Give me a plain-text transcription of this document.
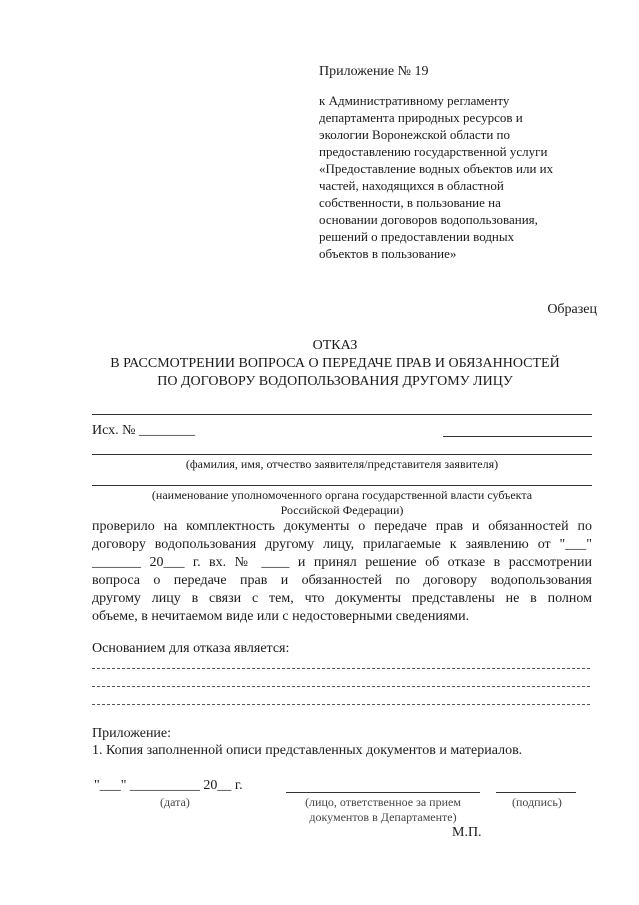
Приложение № 19
к Административному регламенту
департамента природных ресурсов и
экологии Воронежской области по
предоставлению государственной услуги
«Предоставление водных объектов или их
частей, находящихся в областной
собственности, в пользование на
основании договоров водопользования,
решений о предоставлении водных
объектов в пользование»
Образец
ОТКАЗ
В РАССМОТРЕНИИ ВОПРОСА О ПЕРЕДАЧЕ ПРАВ И ОБЯЗАННОСТЕЙ
ПО ДОГОВОРУ ВОДОПОЛЬЗОВАНИЯ ДРУГОМУ ЛИЦУ
Исх. № ________
(фамилия, имя, отчество заявителя/представителя заявителя)
(наименование уполномоченного органа государственной власти субъекта
Российской Федерации)
проверило на комплектность документы о передаче прав и обязанностей по
договору водопользования другому лицу, прилагаемые к заявлению от "___"
_______ 20___ г. вх. № ____ и принял решение об отказе в рассмотрении
вопроса о передаче прав и обязанностей по договору водопользования
другому лицу в связи с тем, что документы представлены не в полном
объеме, в нечитаемом виде или с недостоверными сведениями.
Основанием для отказа является:
Приложение:
1. Копия заполненной описи представленных документов и материалов.
"___" __________ 20__ г.
(дата)	(лицо, ответственное за прием
документов в Департаменте)
(подпись)
М.П.
